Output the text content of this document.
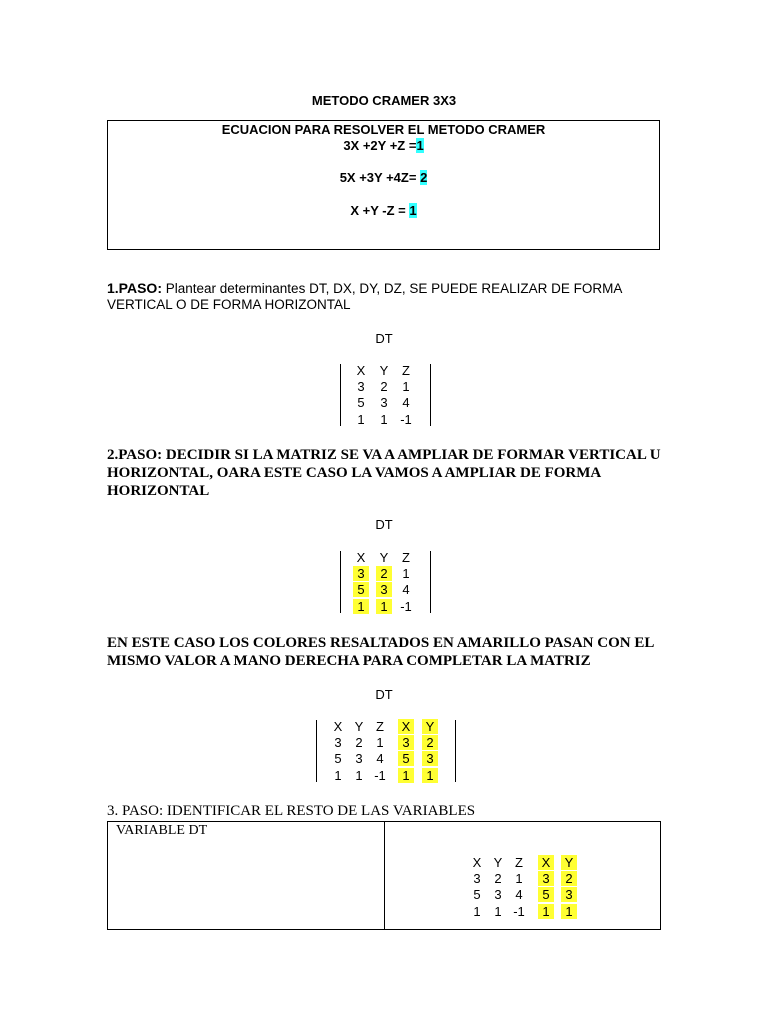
METODO CRAMER 3X3
ECUACION PARA RESOLVER EL METODO CRAMER
3X +2Y +Z =1
5X +3Y +4Z= 2
X +Y -Z = 1
1.PASO: Plantear determinantes DT, DX, DY, DZ, SE PUEDE REALIZAR DE FORMA VERTICAL O DE FORMA HORIZONTAL
DT
X Y	Z
3	2	1
5	3	4
1	1 -1
2.PASO: DECIDIR SI LA MATRIZ SE VA A AMPLIAR DE FORMAR VERTICAL U HORIZONTAL, OARA ESTE CASO LA VAMOS A AMPLIAR DE FORMA HORIZONTAL
DT
X Y	Z
3	2	1
5	3	4
1	1 -1
EN ESTE CASO LOS COLORES RESALTADOS EN AMARILLO PASAN CON EL MISMO VALOR A MANO DERECHA PARA COMPLETAR LA MATRIZ
DT
X Y Z	X Y
3	2	1	3	2
5	3	4	5	3
1	1 -1	1	1
3. PASO: IDENTIFICAR EL RESTO DE LAS VARIABLES
VARIABLE DT
X Y Z	X Y
3	2	1	3	2
5	3	4	5	3
1	1 -1	1	1
